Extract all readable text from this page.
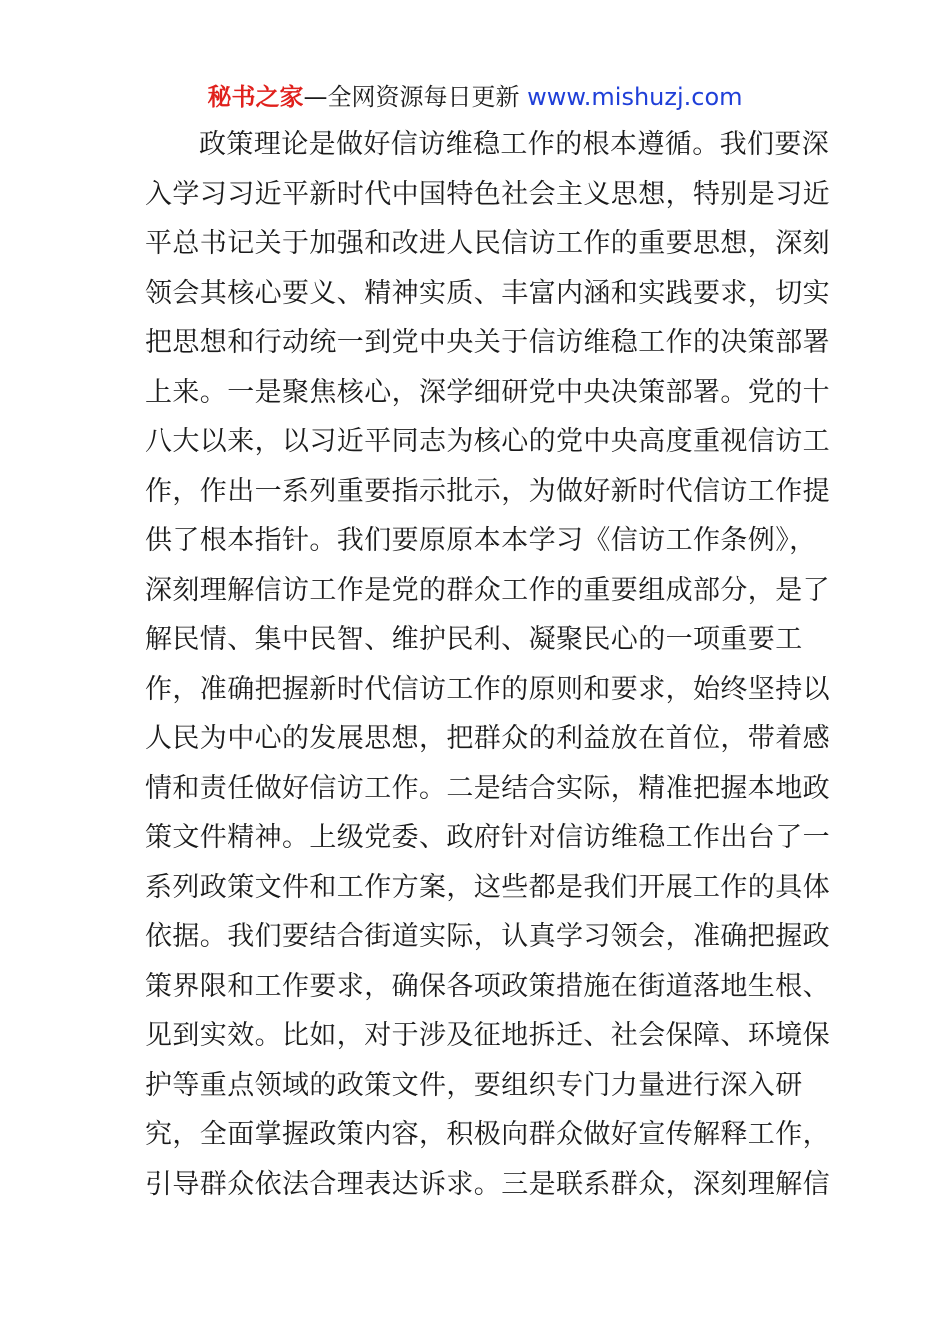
秘书之家—全网资源每日更新 www.mishuzj.com
政策理论是做好信访维稳工作的根本遵循。我们要深
入学习习近平新时代中国特色社会主义思想，特别是习近
平总书记关于加强和改进人民信访工作的重要思想，深刻
领会其核心要义、精神实质、丰富内涵和实践要求，切实
把思想和行动统一到党中央关于信访维稳工作的决策部署
上来。一是聚焦核心，深学细研党中央决策部署。党的十
八大以来，以习近平同志为核心的党中央高度重视信访工
作，作出一系列重要指示批示，为做好新时代信访工作提
供了根本指针。我们要原原本本学习《信访工作条例》，
深刻理解信访工作是党的群众工作的重要组成部分，是了
解民情、集中民智、维护民利、凝聚民心的一项重要工
作，准确把握新时代信访工作的原则和要求，始终坚持以
人民为中心的发展思想，把群众的利益放在首位，带着感
情和责任做好信访工作。二是结合实际，精准把握本地政
策文件精神。上级党委、政府针对信访维稳工作出台了一
系列政策文件和工作方案，这些都是我们开展工作的具体
依据。我们要结合街道实际，认真学习领会，准确把握政
策界限和工作要求，确保各项政策措施在街道落地生根、
见到实效。比如，对于涉及征地拆迁、社会保障、环境保
护等重点领域的政策文件，要组织专门力量进行深入研
究，全面掌握政策内容，积极向群众做好宣传解释工作，
引导群众依法合理表达诉求。三是联系群众，深刻理解信
